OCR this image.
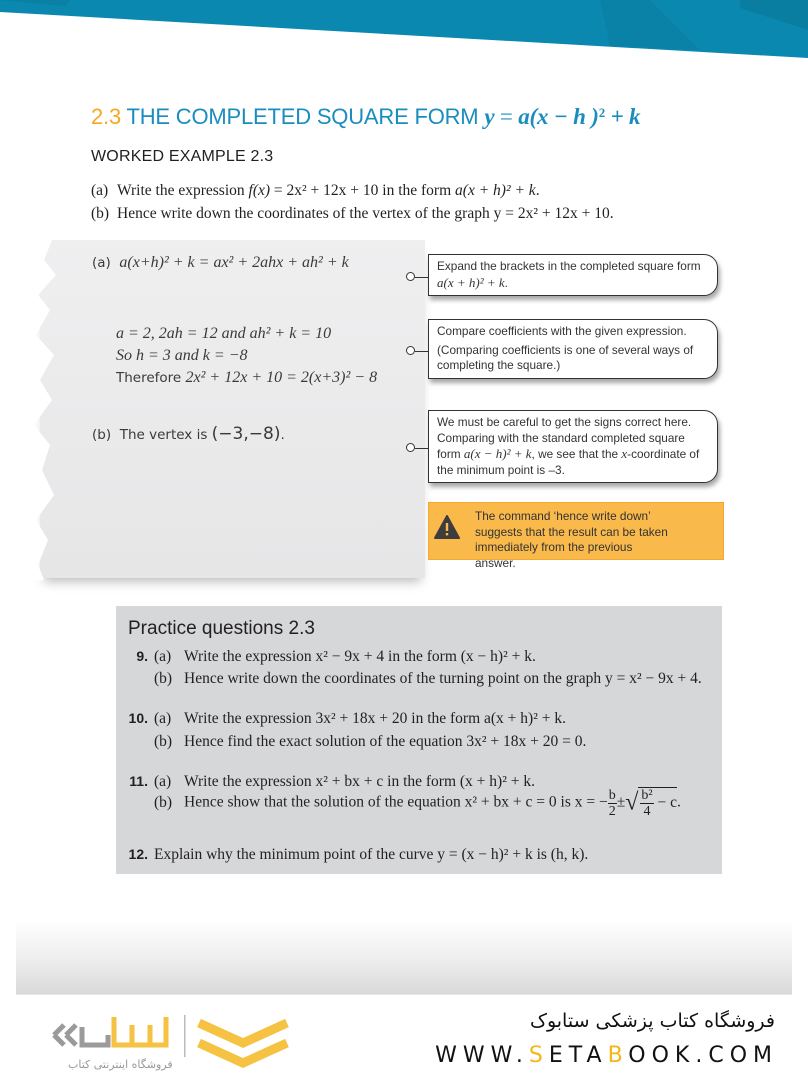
2.3 THE COMPLETED SQUARE FORM y = a(x − h )$^2$ + k
WORKED EXAMPLE 2.3
(a) Write the expression f(x) = 2x² + 12x + 10 in the form a(x + h)² + k.
(b) Hence write down the coordinates of the vertex of the graph y = 2x² + 12x + 10.
(a) a(x+h)² + k = ax² + 2ahx + ah² + k
a = 2, 2ah = 12 and ah² + k = 10
So h = 3 and k = −8
Therefore 2x² + 12x + 10 = 2(x+3)² − 8
(b) The vertex is (−3,−8).
Expand the brackets in the completed square form a(x + h)² + k.
Compare coefficients with the given expression.
(Comparing coefficients is one of several ways of completing the square.)
We must be careful to get the signs correct here. Comparing with the standard completed square form a(x − h)² + k, we see that the x-coordinate of the minimum point is –3.
The command ‘hence write down’ suggests that the result can be taken immediately from the previous answer.
Practice questions 2.3
9. (a) Write the expression x² − 9x + 4 in the form (x − h)² + k.
(b) Hence write down the coordinates of the turning point on the graph y = x² − 9x + 4.
10. (a) Write the expression 3x² + 18x + 20 in the form a(x + h)² + k.
(b) Hence find the exact solution of the equation 3x² + 18x + 20 = 0.
11. (a) Write the expression x² + bx + c in the form (x + h)² + k.
(b) Hence show that the solution of the equation x² + bx + c = 0 is x = − $\frac{b}{2}$ ±√ $\frac{\text{b²}}{4} - c$.
12. Explain why the minimum point of the curve y = (x − h)² + k is (h, k).
فروشگاه اینترنتی کتاب
فروشگاه کتاب پزشکی ستابوک
WWW.SETABOOK.COM
